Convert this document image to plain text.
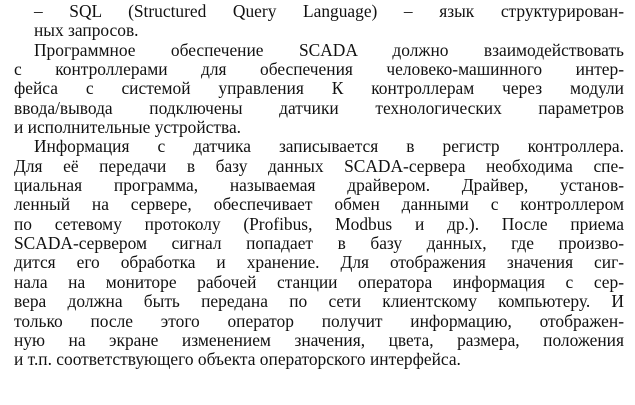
– SQL (Structured Query Language) – язык структурирован-
ных запросов.
Программное обеспечение SCADA должно взаимодействовать
с контроллерами для обеспечения человеко-машинного интер-
фейса с системой управления К контроллерам через модули
ввода/вывода подключены датчики технологических параметров
и исполнительные устройства.
Информация с датчика записывается в регистр контроллера.
Для её передачи в базу данных SCADA-сервера необходима спе-
циальная программа, называемая драйвером. Драйвер, установ-
ленный на сервере, обеспечивает обмен данными с контроллером
по сетевому протоколу (Profibus, Modbus и др.). После приема
SCADA-сервером сигнал попадает в базу данных, где произво-
дится его обработка и хранение. Для отображения значения сиг-
нала на мониторе рабочей станции оператора информация с сер-
вера должна быть передана по сети клиентскому компьютеру. И
только после этого оператор получит информацию, отображен-
ную на экране изменением значения, цвета, размера, положения
и т.п. соответствующего объекта операторского интерфейса.
